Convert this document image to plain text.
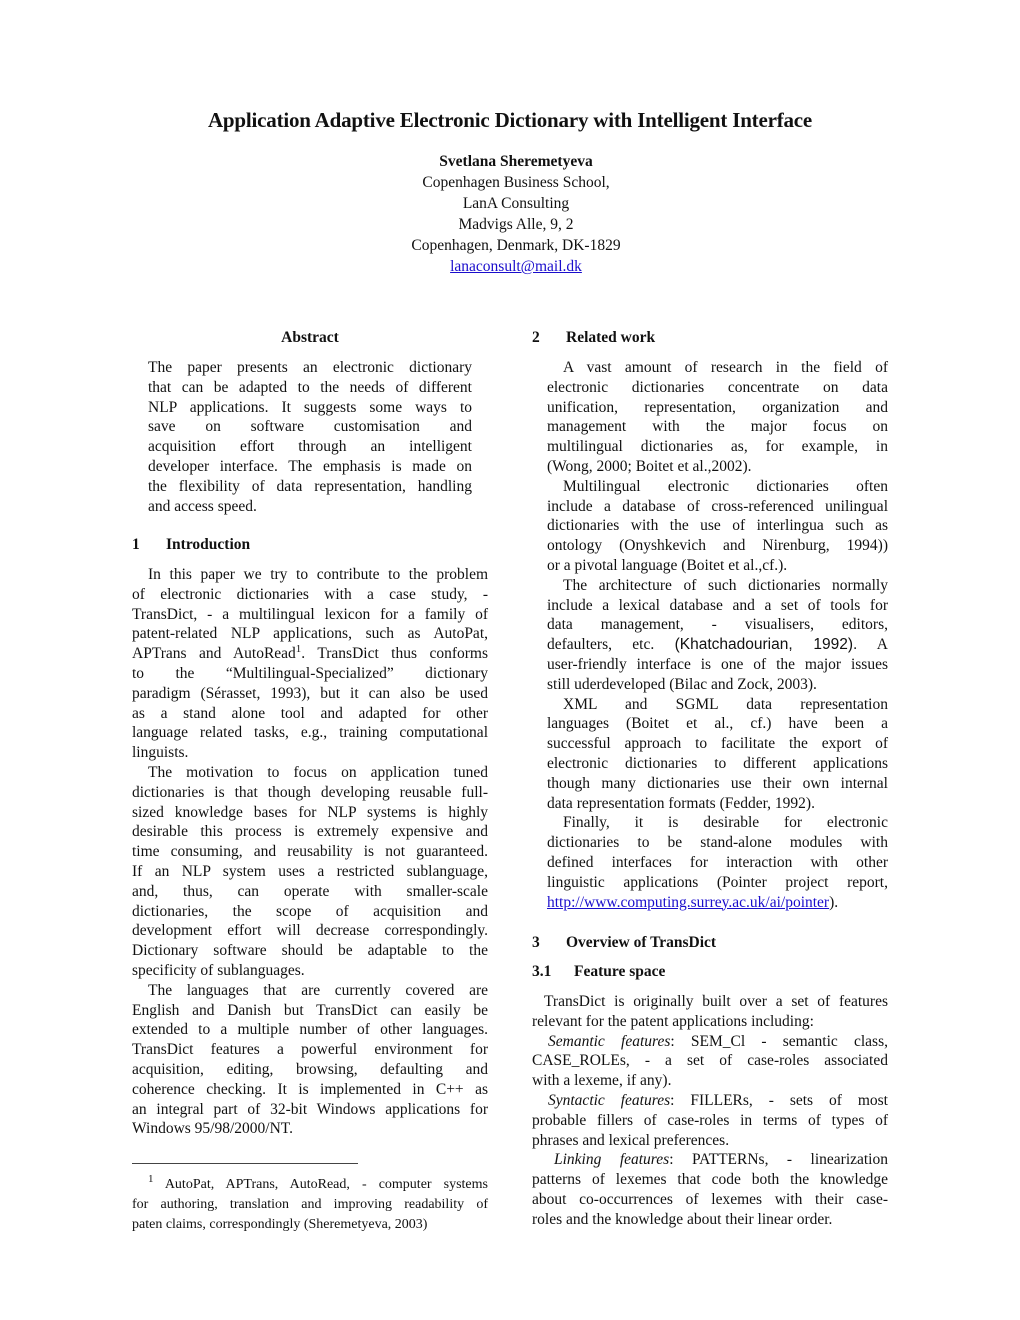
Application Adaptive Electronic Dictionary with Intelligent Interface
Svetlana Sheremetyeva
Copenhagen Business School,
LanA Consulting
Madvigs Alle, 9, 2
Copenhagen, Denmark, DK-1829
lanaconsult@mail.dk
Abstract
The paper presents an electronic dictionary
that can be adapted to the needs of different
NLP applications. It suggests some ways to
save on software customisation and
acquisition effort through an intelligent
developer interface. The emphasis is made on
the flexibility of data representation, handling
and access speed.
1 Introduction
In this paper we try to contribute to the problem
of electronic dictionaries with a case study, -
TransDict, - a multilingual lexicon for a family of
patent-related NLP applications, such as AutoPat,
APTrans and AutoRead$^1$. TransDict thus conforms
to the “Multilingual-Specialized” dictionary
paradigm (Sérasset, 1993), but it can also be used
as a stand alone tool and adapted for other
language related tasks, e.g., training computational
linguists.
The motivation to focus on application tuned
dictionaries is that though developing reusable full-
sized knowledge bases for NLP systems is highly
desirable this process is extremely expensive and
time consuming, and reusability is not guaranteed.
If an NLP system uses a restricted sublanguage,
and, thus, can operate with smaller-scale
dictionaries, the scope of acquisition and
development effort will decrease correspondingly.
Dictionary software should be adaptable to the
specificity of sublanguages.
The languages that are currently covered are
English and Danish but TransDict can easily be
extended to a multiple number of other languages.
TransDict features a powerful environment for
acquisition, editing, browsing, defaulting and
coherence checking. It is implemented in C++ as
an integral part of 32-bit Windows applications for
Windows 95/98/2000/NT.
$^1$ AutoPat, APTrans, AutoRead, - computer systems
for authoring, translation and improving readability of
paten claims, correspondingly (Sheremetyeva, 2003)
2 Related work
A vast amount of research in the field of
electronic dictionaries concentrate on data
unification, representation, organization and
management with the major focus on
multilingual dictionaries as, for example, in
(Wong, 2000; Boitet et al.,2002).
Multilingual electronic dictionaries often
include a database of cross-referenced unilingual
dictionaries with the use of interlingua such as
ontology (Onyshkevich and Nirenburg, 1994))
or a pivotal language (Boitet et al.,cf.).
The architecture of such dictionaries normally
include a lexical database and a set of tools for
data management, - visualisers, editors,
defaulters, etc. (Khatchadourian, 1992). A
user-friendly interface is one of the major issues
still uderdeveloped (Bilac and Zock, 2003).
XML and SGML data representation
languages (Boitet et al., cf.) have been a
successful approach to facilitate the export of
electronic dictionaries to different applications
though many dictionaries use their own internal
data representation formats (Fedder, 1992).
Finally, it is desirable for electronic
dictionaries to be stand-alone modules with
defined interfaces for interaction with other
linguistic applications (Pointer project report,
http://www.computing.surrey.ac.uk/ai/pointer).
3 Overview of TransDict
3.1 Feature space
TransDict is originally built over a set of features
relevant for the patent applications including:
Semantic features: SEM_Cl - semantic class,
CASE_ROLEs, - a set of case-roles associated
with a lexeme, if any).
Syntactic features: FILLERs, - sets of most
probable fillers of case-roles in terms of types of
phrases and lexical preferences.
Linking features: PATTERNs, - linearization
patterns of lexemes that code both the knowledge
about co-occurrences of lexemes with their case-
roles and the knowledge about their linear order.
